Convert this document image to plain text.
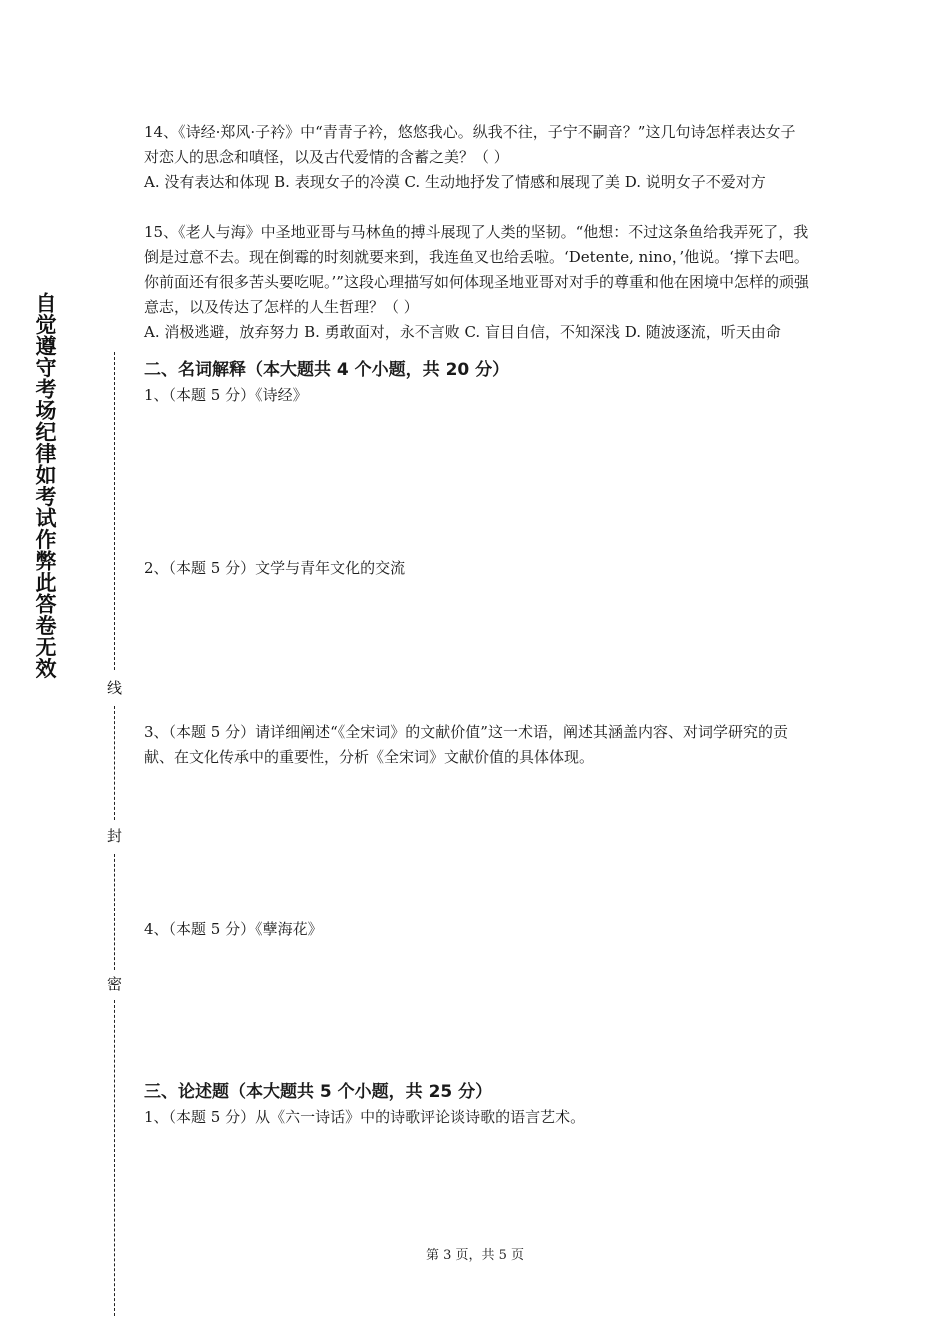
自觉遵守考场纪律如考试作弊此答卷无效
线
封
密

14、《诗经·郑风·子衿》中“青青子衿，悠悠我心。纵我不往，子宁不嗣音？”这几句诗怎样表达女子对恋人的思念和嗔怪，以及古代爱情的含蓄之美？（ ）

A. 没有表达和体现 B. 表现女子的冷漠 C. 生动地抒发了情感和展现了美 D. 说明女子不爱对方

15、《老人与海》中圣地亚哥与马林鱼的搏斗展现了人类的坚韧。“他想：不过这条鱼给我弄死了，我倒是过意不去。现在倒霉的时刻就要来到，我连鱼叉也给丢啦。‘Detente, nino，’他说。‘撑下去吧。你前面还有很多苦头要吃呢。’”这段心理描写如何体现圣地亚哥对对手的尊重和他在困境中怎样的顽强意志，以及传达了怎样的人生哲理？（ ）

A. 消极逃避，放弃努力 B. 勇敢面对，永不言败 C. 盲目自信，不知深浅 D. 随波逐流，听天由命

二、名词解释（本大题共 4 个小题，共 20 分）

1、（本题 5 分）《诗经》

2、（本题 5 分）文学与青年文化的交流

3、（本题 5 分）请详细阐述“《全宋词》的文献价值”这一术语，阐述其涵盖内容、对词学研究的贡献、在文化传承中的重要性，分析《全宋词》文献价值的具体体现。

4、（本题 5 分）《孽海花》

三、论述题（本大题共 5 个小题，共 25 分）

1、（本题 5 分）从《六一诗话》中的诗歌评论谈诗歌的语言艺术。

第 3 页，共 5 页
